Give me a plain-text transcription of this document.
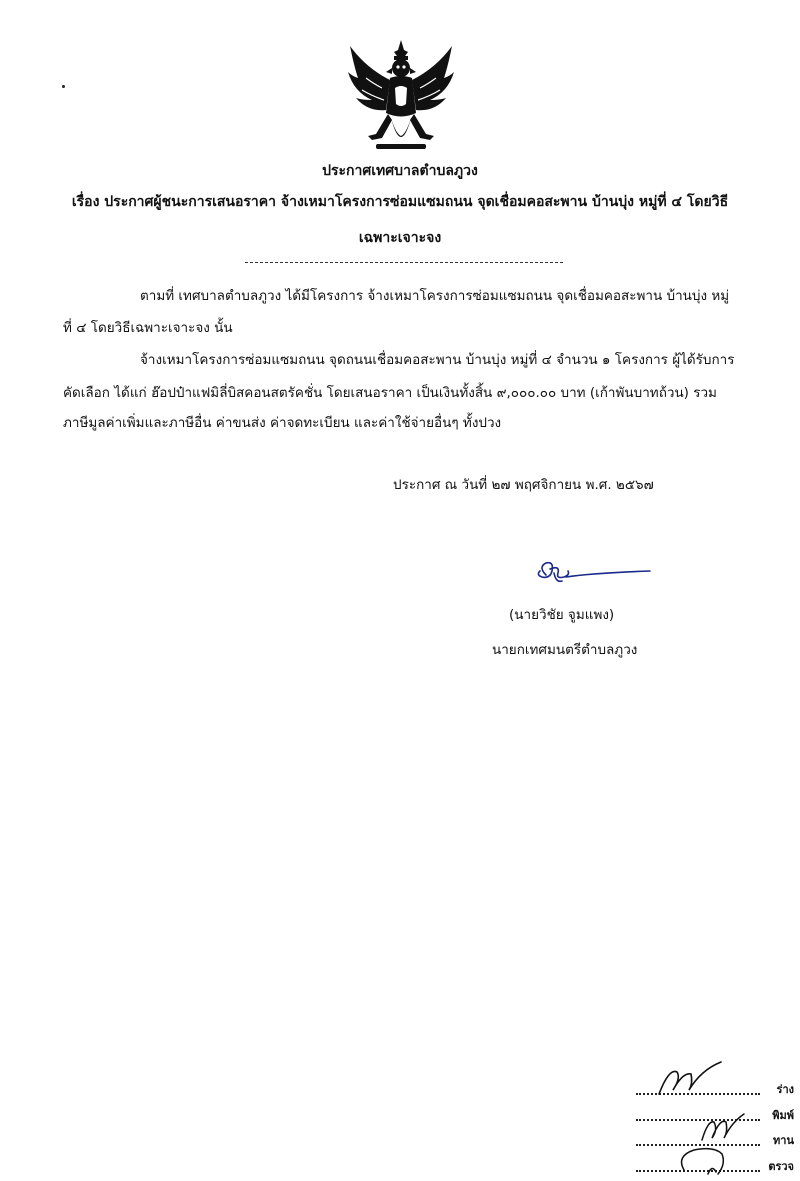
ประกาศเทศบาลตำบลภูวง
เรื่อง ประกาศผู้ชนะการเสนอราคา จ้างเหมาโครงการซ่อมแซมถนน จุดเชื่อมคอสะพาน บ้านบุ่ง หมู่ที่ ๔ โดยวิธี
เฉพาะเจาะจง
ตามที่ เทศบาลตำบลภูวง ได้มีโครงการ จ้างเหมาโครงการซ่อมแซมถนน จุดเชื่อมคอสะพาน บ้านบุ่ง หมู่
ที่ ๔ โดยวิธีเฉพาะเจาะจง นั้น
จ้างเหมาโครงการซ่อมแซมถนน จุดถนนเชื่อมคอสะพาน บ้านบุ่ง หมู่ที่ ๔ จำนวน ๑ โครงการ ผู้ได้รับการ
คัดเลือก ได้แก่ ฮ๊อปป๋าแฟมิลี่บิสคอนสตรัคชั่น โดยเสนอราคา เป็นเงินทั้งสิ้น ๙,๐๐๐.๐๐ บาท (เก้าพันบาทถ้วน) รวม
ภาษีมูลค่าเพิ่มและภาษีอื่น ค่าขนส่ง ค่าจดทะเบียน และค่าใช้จ่ายอื่นๆ ทั้งปวง
ประกาศ ณ วันที่ ๒๗ พฤศจิกายน พ.ศ. ๒๕๖๗
(นายวิชัย จูมแพง)
นายกเทศมนตรีตำบลภูวง
ร่าง
พิมพ์
ทาน
ตรวจ
